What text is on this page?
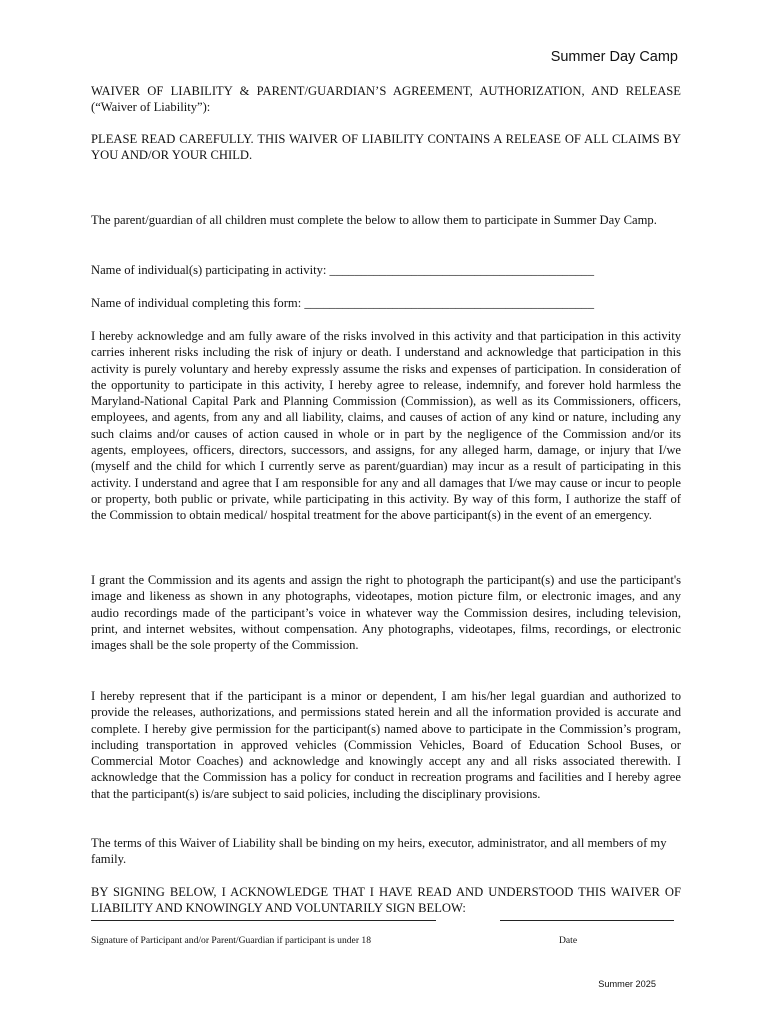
Summer Day Camp

WAIVER OF LIABILITY & PARENT/GUARDIAN’S AGREEMENT, AUTHORIZATION, AND RELEASE (“Waiver of Liability”):

PLEASE READ CAREFULLY. THIS WAIVER OF LIABILITY CONTAINS A RELEASE OF ALL CLAIMS BY YOU AND/OR YOUR CHILD.

The parent/guardian of all children must complete the below to allow them to participate in Summer Day Camp.

Name of individual(s) participating in activity: __________________________________________
Name of individual completing this form: ______________________________________________

I hereby acknowledge and am fully aware of the risks involved in this activity and that participation in this activity carries inherent risks including the risk of injury or death. I understand and acknowledge that participation in this activity is purely voluntary and hereby expressly assume the risks and expenses of participation. In consideration of the opportunity to participate in this activity, I hereby agree to release, indemnify, and forever hold harmless the Maryland-National Capital Park and Planning Commission (Commission), as well as its Commissioners, officers, employees, and agents, from any and all liability, claims, and causes of action of any kind or nature, including any such claims and/or causes of action caused in whole or in part by the negligence of the Commission and/or its agents, employees, officers, directors, successors, and assigns, for any alleged harm, damage, or injury that I/we (myself and the child for which I currently serve as parent/guardian) may incur as a result of participating in this activity. I understand and agree that I am responsible for any and all damages that I/we may cause or incur to people or property, both public or private, while participating in this activity. By way of this form, I authorize the staff of the Commission to obtain medical/ hospital treatment for the above participant(s) in the event of an emergency.

I grant the Commission and its agents and assign the right to photograph the participant(s) and use the participant's image and likeness as shown in any photographs, videotapes, motion picture film, or electronic images, and any audio recordings made of the participant’s voice in whatever way the Commission desires, including television, print, and internet websites, without compensation. Any photographs, videotapes, films, recordings, or electronic images shall be the sole property of the Commission.

I hereby represent that if the participant is a minor or dependent, I am his/her legal guardian and authorized to provide the releases, authorizations, and permissions stated herein and all the information provided is accurate and complete. I hereby give permission for the participant(s) named above to participate in the Commission’s program, including transportation in approved vehicles (Commission Vehicles, Board of Education School Buses, or Commercial Motor Coaches) and acknowledge and knowingly accept any and all risks associated therewith. I acknowledge that the Commission has a policy for conduct in recreation programs and facilities and I hereby agree that the participant(s) is/are subject to said policies, including the disciplinary provisions.

The terms of this Waiver of Liability shall be binding on my heirs, executor, administrator, and all members of my family.

BY SIGNING BELOW, I ACKNOWLEDGE THAT I HAVE READ AND UNDERSTOOD THIS WAIVER OF LIABILITY AND KNOWINGLY AND VOLUNTARILY SIGN BELOW:

Signature of Participant and/or Parent/Guardian if participant is under 18	Date
Summer 2025
